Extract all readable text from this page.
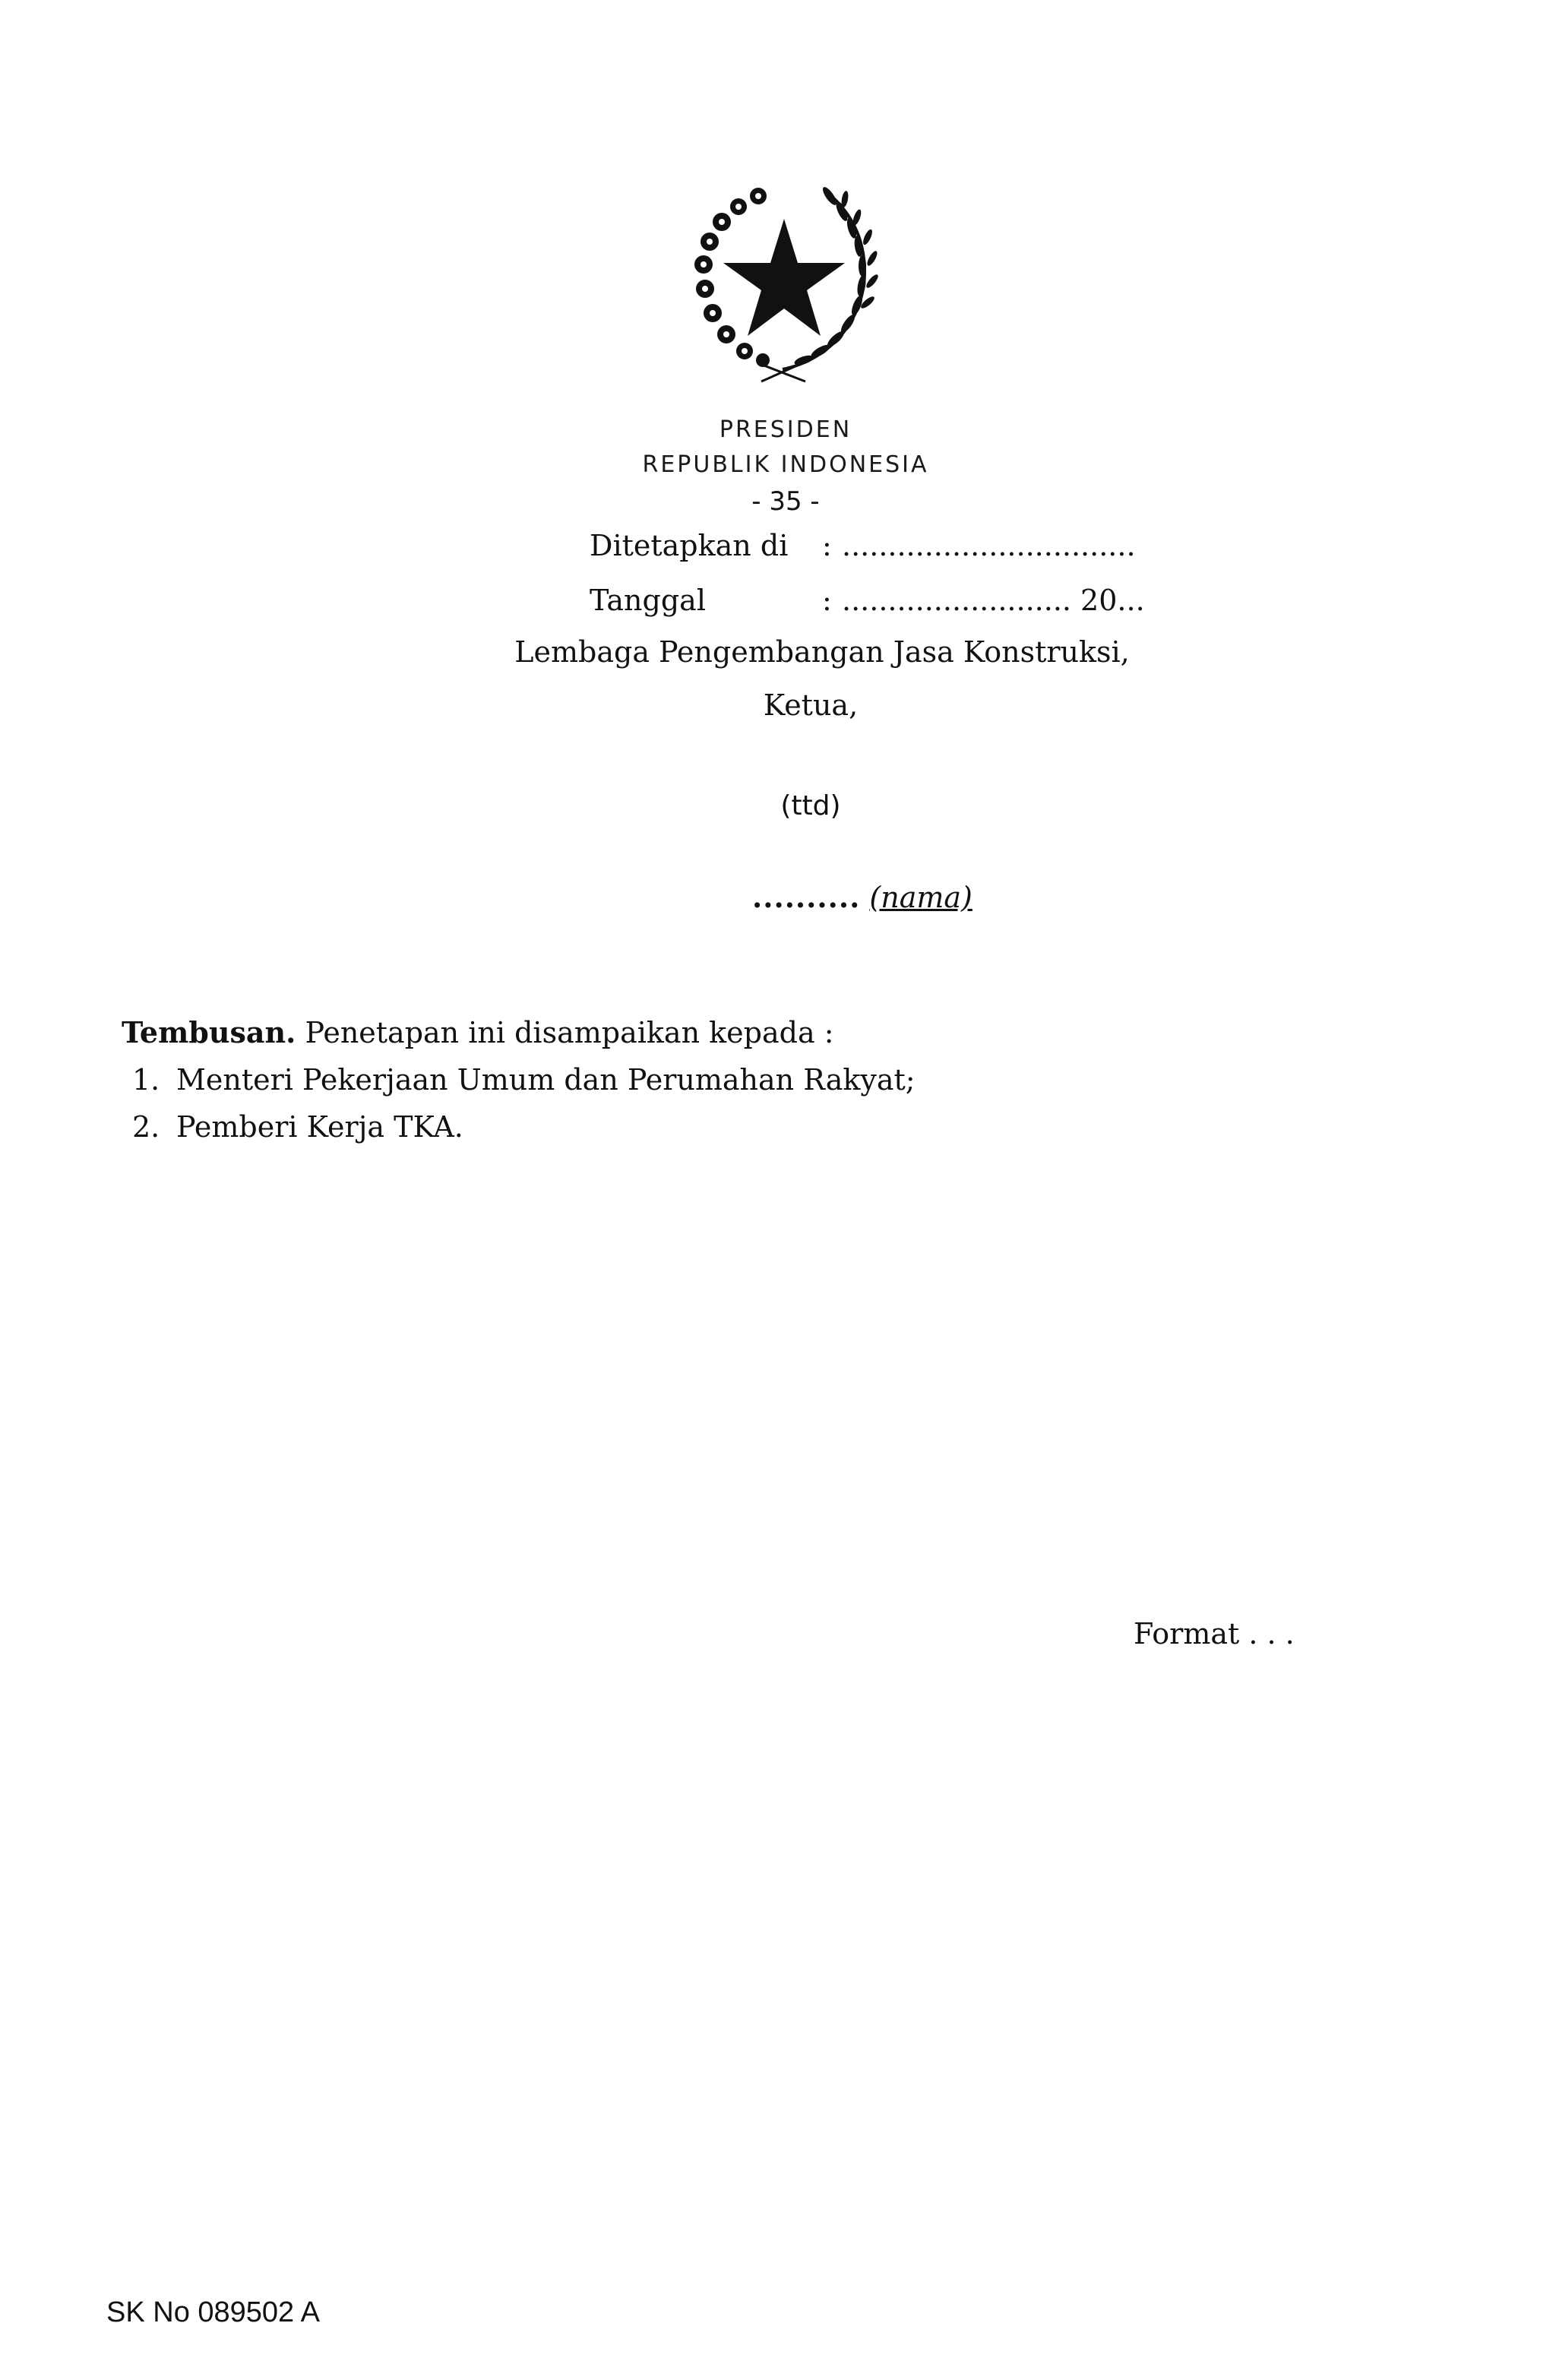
PRESIDEN
REPUBLIK INDONESIA
- 35 -
Ditetapkan di : ................................
Tanggal	: ......................... 20...
Lembaga Pengembangan Jasa Konstruksi,
Ketua,
(ttd)
.......... (nama)
Tembusan. Penetapan ini disampaikan kepada :
1. Menteri Pekerjaan Umum dan Perumahan Rakyat;
2. Pemberi Kerja TKA.
Format . . .
SK No 089502 A
